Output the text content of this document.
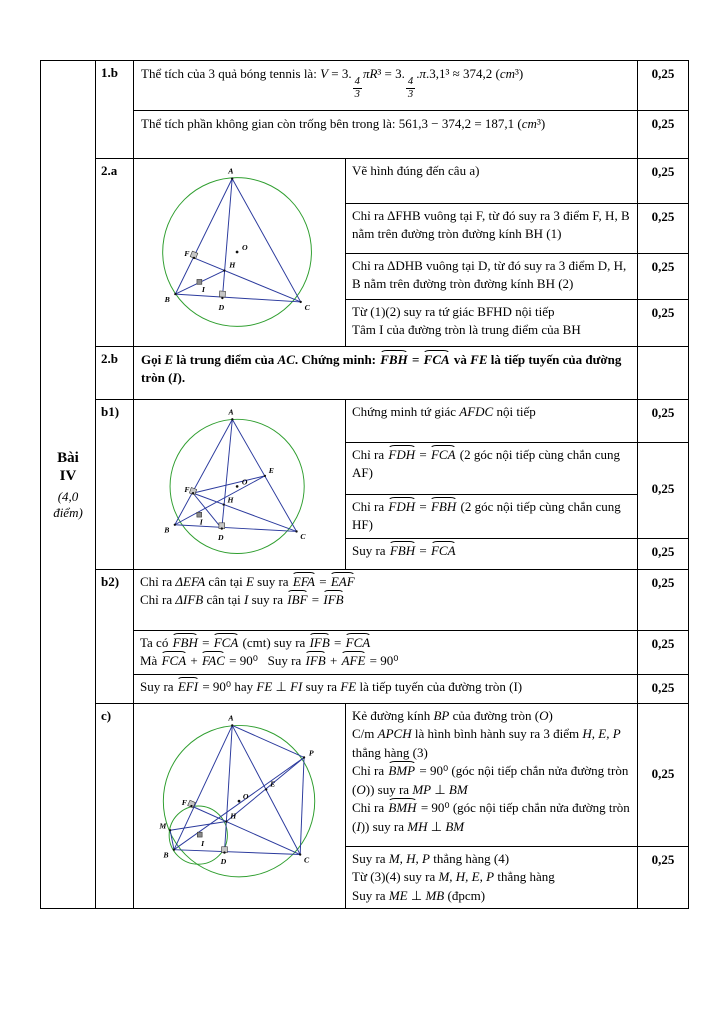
Bài
IV
(4,0 điểm)
	1.b	Thể tích của 3 quả bóng tennis là: V = 3.
$\frac{4}{3}$
πR³ = 3.
$\frac{4}{3}$
.π.3,1³ ≈ 374,2 (cm³)	0,25

		Thể tích phần không gian còn trống bên trong là: 561,3 − 374,2 = 187,1 (cm³)		0,25
2.a	A
B
C
D
F
H
I
O

Vẽ hình đúng đến câu a)	0,25

			Chỉ ra ∆FHB vuông tại F, từ đó suy ra 3 điểm F, H, B nằm trên đường tròn đường kính BH (1)	0,25

			Chỉ ra ∆DHB vuông tại D, từ đó suy ra 3 điểm D, H, B nằm trên đường tròn đường kính BH (2)	0,25

			Từ (1)(2) suy ra tứ giác BFHD nội tiếp
Tâm I của đường tròn là trung điểm của BH	0,25
	2.b	Gọi E là trung điểm của AC. Chứng minh: FBH = FCA và FE là tiếp tuyến của đường tròn (I).		

b1)	A
B
C
D
E
F
H
I
O

Chứng minh tứ giác AFDC nội tiếp	0,25

			Chỉ ra FDH = FCA (2 góc nội tiếp cùng chắn cung AF)	0,25

			Chỉ ra FDH = FBH (2 góc nội tiếp cùng chắn cung HF)	

			Suy ra FBH = FCA	0,25
	b2)	Chỉ ra ΔEFA cân tại E suy ra EFA = EAF
Chỉ ra ΔIFB cân tại I suy ra IBF = IFB		0,25

		Ta có FBH = FCA (cmt) suy ra IFB = FCA
Mà FCA + FAC = 90⁰   Suy ra IFB + AFE = 90⁰		0,25

		Suy ra EFI = 90⁰ hay FE ⊥ FI suy ra FE là tiếp tuyến của đường tròn (I)		0,25
c)	A
B
C
D
E
F
H
I
M
O
P

Kẻ đường kính BP của đường tròn (O)
C/m APCH là hình bình hành suy ra 3 điểm H, E, P thẳng hàng (3)
Chỉ ra BMP = 90⁰ (góc nội tiếp chắn nửa đường tròn (O)) suy ra MP ⊥ BM
Chỉ ra BMH = 90⁰ (góc nội tiếp chắn nửa đường tròn (I)) suy ra MH ⊥ BM
	0,25

			Suy ra M, H, P thẳng hàng (4)
Từ (3)(4) suy ra M, H, E, P thẳng hàng
Suy ra ME ⊥ MB (đpcm)	0,25
